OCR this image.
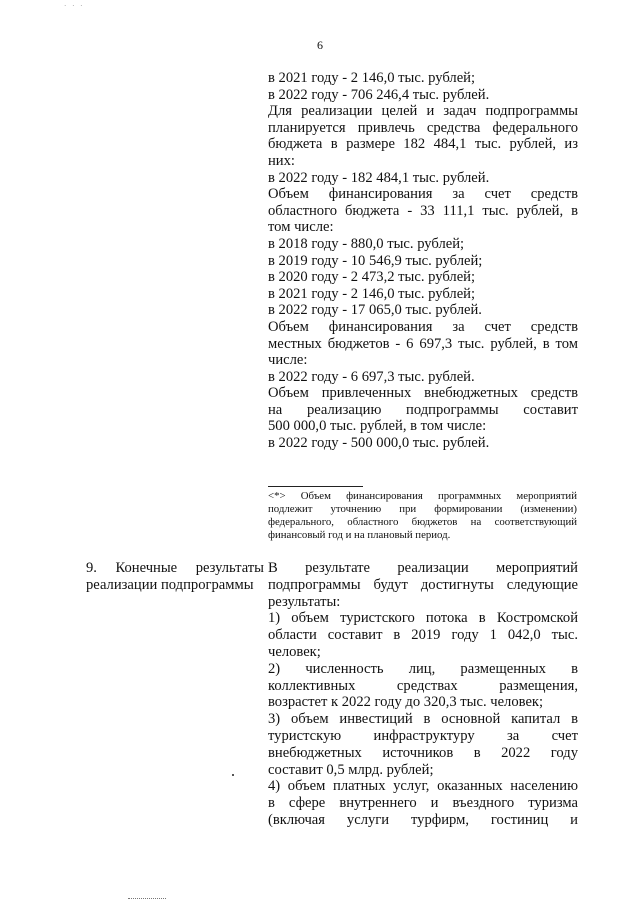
· · ·
6
в 2021 году - 2 146,0 тыс. рублей;
в 2022 году - 706 246,4 тыс. рублей.
Для реализации целей и задач подпрограммы
планируется привлечь средства федерального
бюджета в размере 182 484,1 тыс. рублей, из
них:
в 2022 году - 182 484,1 тыс. рублей.
Объем финансирования за счет средств
областного бюджета - 33 111,1 тыс. рублей, в
том числе:
в 2018 году - 880,0 тыс. рублей;
в 2019 году - 10 546,9 тыс. рублей;
в 2020 году - 2 473,2 тыс. рублей;
в 2021 году - 2 146,0 тыс. рублей;
в 2022 году - 17 065,0 тыс. рублей.
Объем финансирования за счет средств
местных бюджетов - 6 697,3 тыс. рублей, в том
числе:
в 2022 году - 6 697,3 тыс. рублей.
Объем привлеченных внебюджетных средств
на реализацию подпрограммы составит
500 000,0 тыс. рублей, в том числе:
в 2022 году - 500 000,0 тыс. рублей.
<*> Объем финансирования программных мероприятий
подлежит уточнению при формировании (изменении)
федерального, областного бюджетов на соответствующий
финансовый год и на плановый период.
9. Конечные результаты
реализации подпрограммы
В результате реализации мероприятий
подпрограммы будут достигнуты следующие
результаты:
1) объем туристского потока в Костромской
области составит в 2019 году 1 042,0 тыс.
человек;
2) численность лиц, размещенных в
коллективных средствах размещения,
возрастет к 2022 году до 320,3 тыс. человек;
3) объем инвестиций в основной капитал в
туристскую инфраструктуру за счет
внебюджетных источников в 2022 году
составит 0,5 млрд. рублей;
4) объем платных услуг, оказанных населению
в сфере внутреннего и въездного туризма
(включая услуги турфирм, гостиниц и
